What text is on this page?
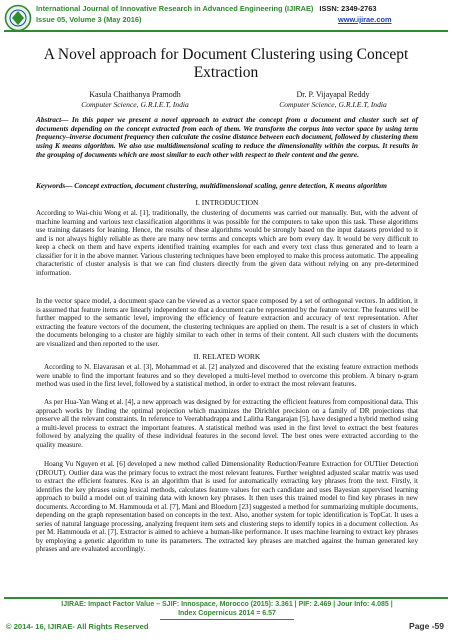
International Journal of Innovative Research in Advanced Engineering (IJIRAE) ISSN: 2349-2763
Issue 05, Volume 3 (May 2016)	www.ijirae.com
A Novel approach for Document Clustering using Concept Extraction
Kasula Chaithanya Pramodh
Computer Science, G.R.I.E.T, India
Dr. P. Vijayapal Reddy
Computer Science, G.R.I.E.T, India

Abstract— In this paper we present a novel approach to extract the concept from a document and cluster such set of documents depending on the concept extracted from each of them. We transform the corpus into vector space by using term frequency–inverse document frequency then calculate the cosine distance between each document, followed by clustering them using K means algorithm. We also use multidimensional scaling to reduce the dimensionality within the corpus. It results in the grouping of documents which are most similar to each other with respect to their content and the genre.

Keywords— Concept extraction, document clustering, multidimensional scaling, genre detection, K means algorithm

I. INTRODUCTION

According to Wai-chiu Wong et al. [1], traditionally, the clustering of documents was carried out manually. But, with the advent of machine learning and various text classification algorithms it was possible for the computers to take upon this task. These algorithms use training datasets for leaning. Hence, the results of these algorithms would be strongly based on the input datasets provided to it and is not always highly reliable as there are many new terms and concepts which are born every day. It would be very difficult to keep a check on them and have experts identified training examples for each and every text class thus generated and to learn a classifier for it in the above manner. Various clustering techniques have been employed to make this process automatic. The appealing characteristic of cluster analysis is that we can find clusters directly from the given data without relying on any pre-determined information.

In the vector space model, a document space can be viewed as a vector space composed by a set of orthogonal vectors. In addition, it is assumed that feature items are linearly independent so that a document can be represented by the feature vector. The features will be further mapped to the semantic level, improving the efficiency of feature extraction and accuracy of text representation. After extracting the feature vectors of the document, the clustering techniques are applied on them. The result is a set of clusters in which the documents belonging to a cluster are highly similar to each other in terms of their content. All such clusters with the documents are visualized and then reported to the user.

II. RELATED WORK

According to N. Elavarasan et al. [3], Mohammad et al. [2] analyzed and discovered that the existing feature extraction methods were unable to find the important features and so they developed a multi-level method to overcome this problem. A binary n-gram method was used in the first level, followed by a statistical method, in order to extract the most relevant features.

As per Hua-Yan Wang et al. [4], a new approach was designed by for extracting the efficient features from compositional data. This approach works by finding the optimal projection which maximizes the Dirichlet precision on a family of DR projections that preserve all the relevant constraints. In reference to Veerabhadrappa and Lalitha Rangarajan [5], have designed a hybrid method using a multi-level process to extract the important features. A statistical method was used in the first level to extract the best features followed by analyzing the quality of these individual features in the second level. The best ones were extracted according to the quality measure.

Hoang Vu Nguyen et al. [6] developed a new method called Dimensionality Reduction/Feature Extraction for OUTlier Detection (DROUT). Outlier data was the primary focus to extract the most relevant features. Further weighted adjusted scalar matrix was used to extract the efficient features. Kea is an algorithm that is used for automatically extracting key phrases from the text. Firstly, it identifies the key phrases using lexical methods, calculates feature values for each candidate and uses Bayesian supervised learning approach to build a model out of training data with known key phrases. It then uses this trained model to find key phrases in new documents. According to M. Hammouda et al. [7], Mani and Bloedorn [23] suggested a method for summarizing multiple documents, depending on the graph representation based on concepts in the text. Also, another system for topic identification is TopCat. It uses a series of natural language processing, analyzing frequent item sets and clustering steps to identify topics in a document collection. As per M. Hammouda et al. [7], Extractor is aimed to achieve a human-like performance. It uses machine learning to extract key phrases by employing a genetic algorithm to tune its parameters. The extracted key phrases are matched against the human generated key phrases and are evaluated accordingly.

IJIRAE: Impact Factor Value – SJIF: Innospace, Morocco (2015): 3.361 | PIF: 2.469 | Jour Info: 4.085 |
Index Copernicus 2014 = 6.57
© 2014- 16, IJIRAE- All Rights Reserved	Page -59
